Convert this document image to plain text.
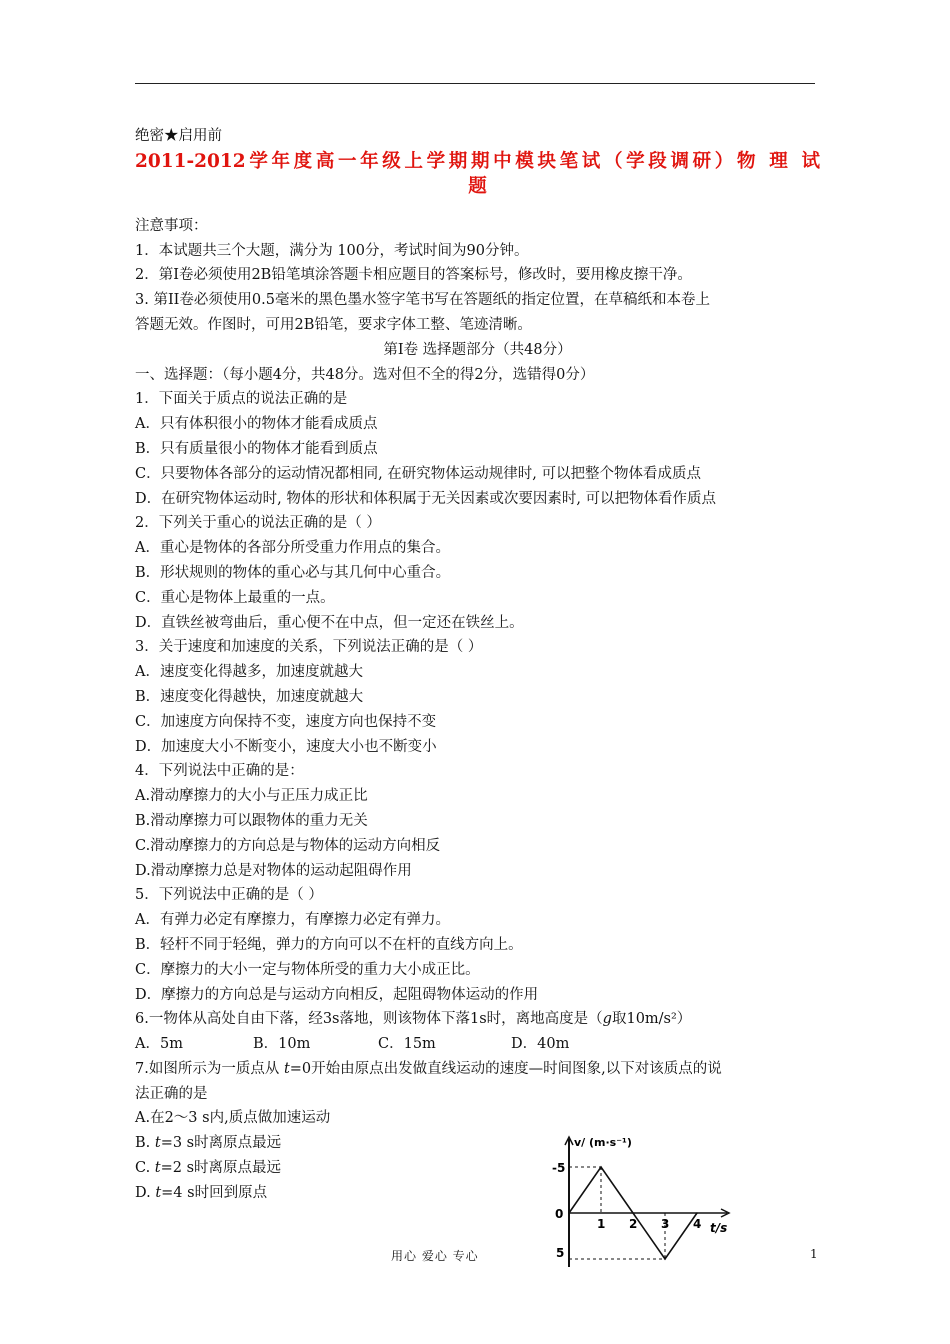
绝密★启用前
2011-2012学年度高一年级上学期期中模块笔试（学段调研）物 理 试
题
注意事项：
1．本试题共三个大题，满分为 100分，考试时间为90分钟。
2．第Ⅰ卷必须使用2B铅笔填涂答题卡相应题目的答案标号，修改时，要用橡皮擦干净。
3. 第II卷必须使用0.5毫米的黑色墨水签字笔书写在答题纸的指定位置，在草稿纸和本卷上
答题无效。作图时，可用2B铅笔，要求字体工整、笔迹清晰。
第Ⅰ卷 选择题部分（共48分）
一、选择题：（每小题4分，共48分。选对但不全的得2分，选错得0分）
1．下面关于质点的说法正确的是
A．只有体积很小的物体才能看成质点
B．只有质量很小的物体才能看到质点
C．只要物体各部分的运动情况都相同, 在研究物体运动规律时, 可以把整个物体看成质点
D．在研究物体运动时, 物体的形状和体积属于无关因素或次要因素时, 可以把物体看作质点
2．下列关于重心的说法正确的是（ ）
A．重心是物体的各部分所受重力作用点的集合。
B．形状规则的物体的重心必与其几何中心重合。
C．重心是物体上最重的一点。
D．直铁丝被弯曲后，重心便不在中点，但一定还在铁丝上。
3．关于速度和加速度的关系，下列说法正确的是（ ）
A．速度变化得越多，加速度就越大
B．速度变化得越快，加速度就越大
C．加速度方向保持不变，速度方向也保持不变
D．加速度大小不断变小，速度大小也不断变小
4．下列说法中正确的是：
A.滑动摩擦力的大小与正压力成正比
B.滑动摩擦力可以跟物体的重力无关
C.滑动摩擦力的方向总是与物体的运动方向相反
D.滑动摩擦力总是对物体的运动起阻碍作用
5．下列说法中正确的是（ ）
A．有弹力必定有摩擦力，有摩擦力必定有弹力。
B．轻杆不同于轻绳，弹力的方向可以不在杆的直线方向上。
C．摩擦力的大小一定与物体所受的重力大小成正比。
D．摩擦力的方向总是与运动方向相反，起阻碍物体运动的作用
6.一物体从高处自由下落，经3s落地，则该物体下落1s时，离地高度是（g取10m/s²）
A．5m	B．10m	C．15m	D．40m
7.如图所示为一质点从 t=0开始由原点出发做直线运动的速度—时间图象,以下对该质点的说
法正确的是
A.在2～3 s内,质点做加速运动
B. t=3 s时离原点最远
C. t=2 s时离原点最远
D. t=4 s时回到原点
1 2 3 4
v/ (m·s⁻¹)
t/s
-5
5
0
用心 爱心 专心	1
